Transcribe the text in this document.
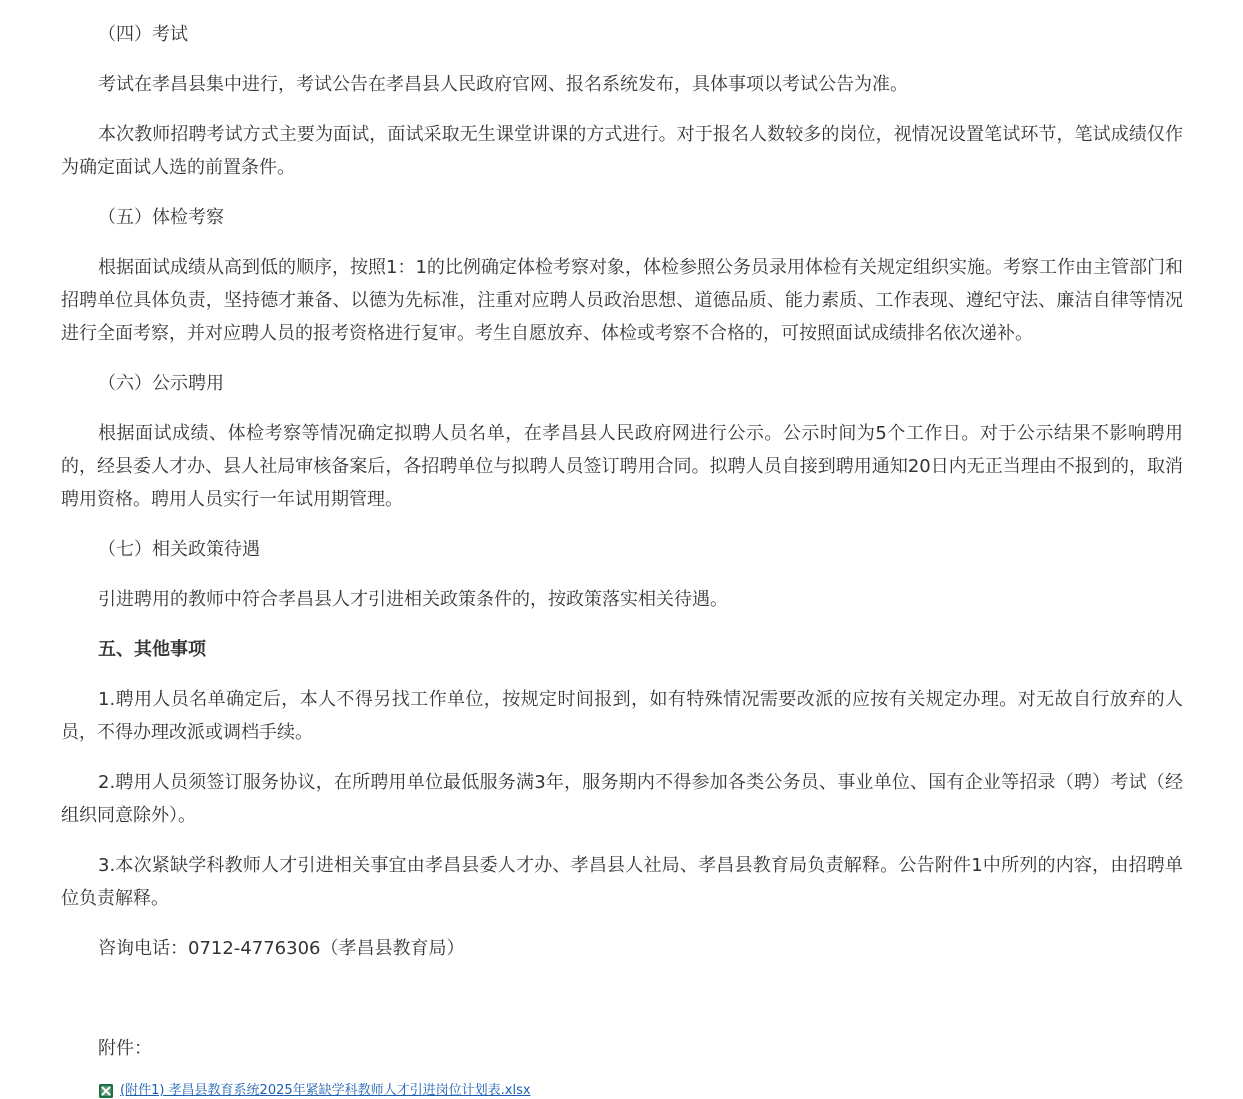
（四）考试

考试在孝昌县集中进行，考试公告在孝昌县人民政府官网、报名系统发布，具体事项以考试公告为准。

本次教师招聘考试方式主要为面试，面试采取无生课堂讲课的方式进行。对于报名人数较多的岗位，视情况设置笔试环节，笔试成绩仅作为确定面试人选的前置条件。

（五）体检考察

根据面试成绩从高到低的顺序，按照1：1的比例确定体检考察对象，体检参照公务员录用体检有关规定组织实施。考察工作由主管部门和招聘单位具体负责，坚持德才兼备、以德为先标准，注重对应聘人员政治思想、道德品质、能力素质、工作表现、遵纪守法、廉洁自律等情况进行全面考察，并对应聘人员的报考资格进行复审。考生自愿放弃、体检或考察不合格的，可按照面试成绩排名依次递补。

（六）公示聘用

根据面试成绩、体检考察等情况确定拟聘人员名单，在孝昌县人民政府网进行公示。公示时间为5个工作日。对于公示结果不影响聘用的，经县委人才办、县人社局审核备案后，各招聘单位与拟聘人员签订聘用合同。拟聘人员自接到聘用通知20日内无正当理由不报到的，取消聘用资格。聘用人员实行一年试用期管理。

（七）相关政策待遇

引进聘用的教师中符合孝昌县人才引进相关政策条件的，按政策落实相关待遇。

五、其他事项

1.聘用人员名单确定后，本人不得另找工作单位，按规定时间报到，如有特殊情况需要改派的应按有关规定办理。对无故自行放弃的人员，不得办理改派或调档手续。

2.聘用人员须签订服务协议，在所聘用单位最低服务满3年，服务期内不得参加各类公务员、事业单位、国有企业等招录（聘）考试（经组织同意除外）。

3.本次紧缺学科教师人才引进相关事宜由孝昌县委人才办、孝昌县人社局、孝昌县教育局负责解释。公告附件1中所列的内容，由招聘单位负责解释。

咨询电话：0712-4776306（孝昌县教育局）

附件：
(附件1) 孝昌县教育系统2025年紧缺学科教师人才引进岗位计划表.xlsx
